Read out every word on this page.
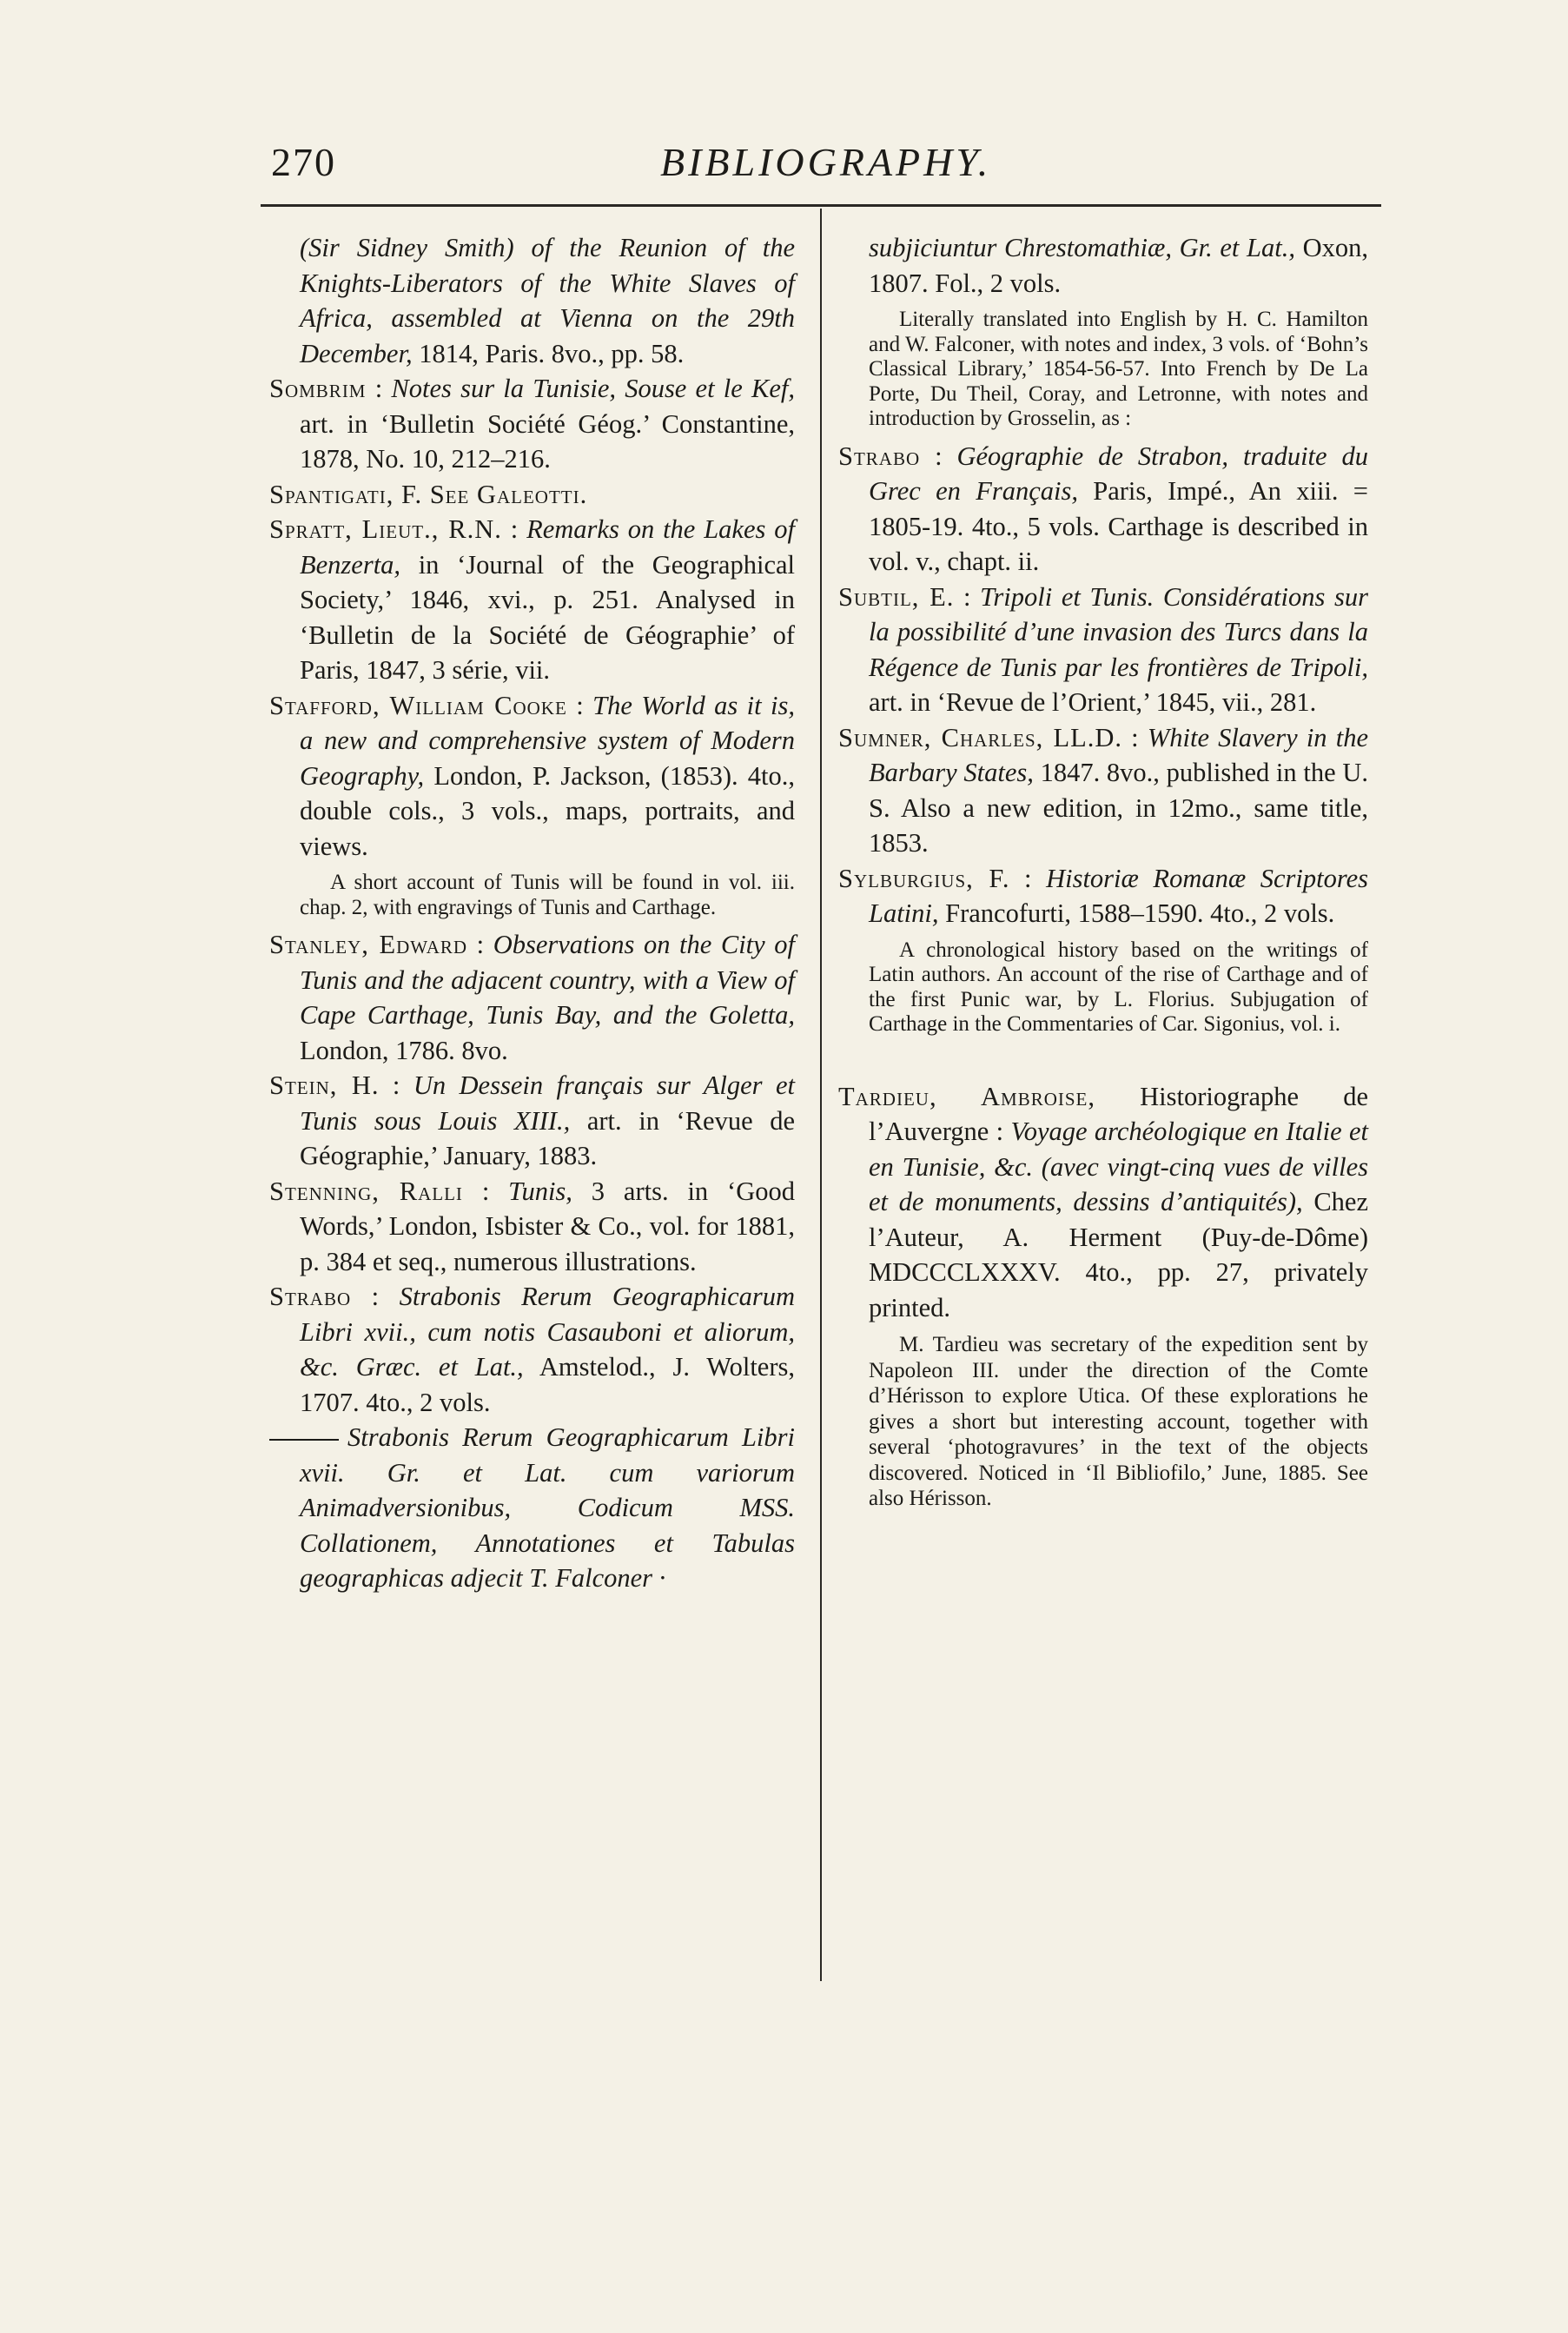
270	BIBLIOGRAPHY.
(Sir Sidney Smith) of the Reunion of the Knights-Liberators of the White Slaves of Africa, assembled at Vienna on the 29th December, 1814, Paris. 8vo., pp. 58.
Sombrim : Notes sur la Tunisie, Souse et le Kef, art. in ‘Bulletin Société Géog.’ Constantine, 1878, No. 10, 212–216.
Spantigati, F. See Galeotti.
Spratt, Lieut., R.N. : Remarks on the Lakes of Benzerta, in ‘Journal of the Geographical Society,’ 1846, xvi., p. 251. Analysed in ‘Bulletin de la Société de Géographie’ of Paris, 1847, 3 série, vii.
Stafford, William Cooke : The World as it is, a new and comprehensive system of Modern Geography, London, P. Jackson, (1853). 4to., double cols., 3 vols., maps, portraits, and views.
A short account of Tunis will be found in vol. iii. chap. 2, with engravings of Tunis and Carthage.
Stanley, Edward : Observations on the City of Tunis and the adjacent country, with a View of Cape Carthage, Tunis Bay, and the Goletta, London, 1786. 8vo.
Stein, H. : Un Dessein français sur Alger et Tunis sous Louis XIII., art. in ‘Revue de Géographie,’ January, 1883.
Stenning, Ralli : Tunis, 3 arts. in ‘Good Words,’ London, Isbister & Co., vol. for 1881, p. 384 et seq., numerous illustrations.
Strabo : Strabonis Rerum Geographicarum Libri xvii., cum notis Casauboni et aliorum, &c. Græc. et Lat., Amstelod., J. Wolters, 1707. 4to., 2 vols.
Strabonis Rerum Geographicarum Libri xvii. Gr. et Lat. cum variorum Animadversionibus, Codicum MSS. Collationem, Annotationes et Tabulas geographicas adjecit T. Falconer ·
subjiciuntur Chrestomathiæ, Gr. et Lat., Oxon, 1807. Fol., 2 vols.
Literally translated into English by H. C. Hamilton and W. Falconer, with notes and index, 3 vols. of ‘Bohn’s Classical Library,’ 1854-56-57. Into French by De La Porte, Du Theil, Coray, and Letronne, with notes and introduction by Grosselin, as :
Strabo : Géographie de Strabon, traduite du Grec en Français, Paris, Impé., An xiii. = 1805-19. 4to., 5 vols. Carthage is described in vol. v., chapt. ii.
Subtil, E. : Tripoli et Tunis. Considérations sur la possibilité d’une invasion des Turcs dans la Régence de Tunis par les frontières de Tripoli, art. in ‘Revue de l’Orient,’ 1845, vii., 281.
Sumner, Charles, LL.D. : White Slavery in the Barbary States, 1847. 8vo., published in the U. S. Also a new edition, in 12mo., same title, 1853.
Sylburgius, F. : Historiæ Romanæ Scriptores Latini, Francofurti, 1588–1590. 4to., 2 vols.
A chronological history based on the writings of Latin authors. An account of the rise of Carthage and of the first Punic war, by L. Florius. Subjugation of Carthage in the Commentaries of Car. Sigonius, vol. i.
Tardieu, Ambroise, Historiographe de l’Auvergne : Voyage archéologique en Italie et en Tunisie, &c. (avec vingt-cinq vues de villes et de monuments, dessins d’antiquités), Chez l’Auteur, A. Herment (Puy-de-Dôme) MDCCCLXXXV. 4to., pp. 27, privately printed.
M. Tardieu was secretary of the expedition sent by Napoleon III. under the direction of the Comte d’Hérisson to explore Utica. Of these explorations he gives a short but interesting account, together with several ‘photogravures’ in the text of the objects discovered. Noticed in ‘Il Bibliofilo,’ June, 1885. See also Hérisson.
